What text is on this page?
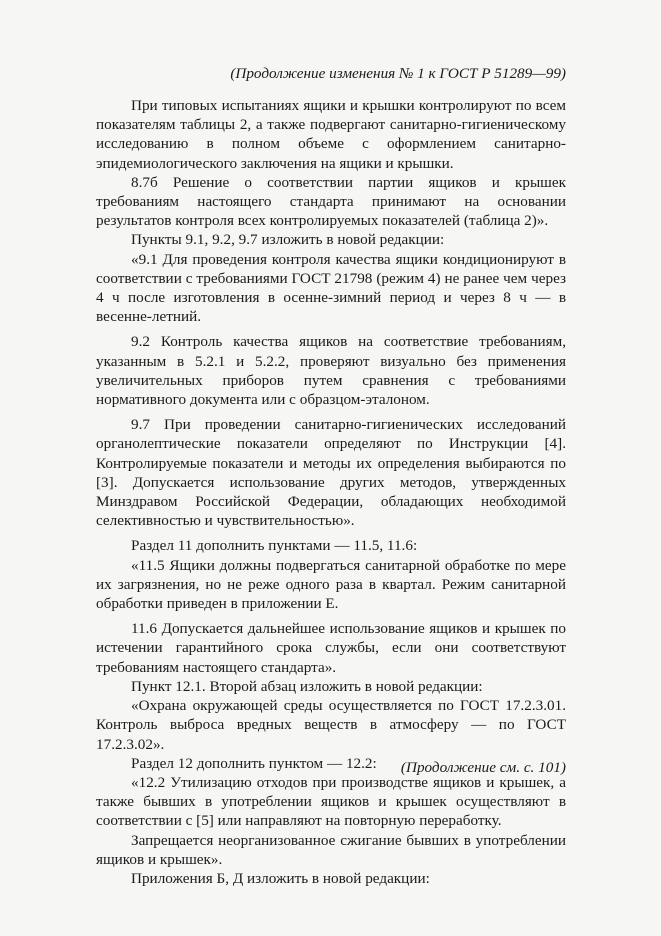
(Продолжение изменения № 1 к ГОСТ Р 51289—99)

При типовых испытаниях ящики и крышки контролируют по всем показателям таблицы 2, а также подвергают санитарно-гигиеническому исследованию в полном объеме с оформлением санитарно-эпидемиологического заключения на ящики и крышки.

8.7б Решение о соответствии партии ящиков и крышек требованиям настоящего стандарта принимают на основании результатов контроля всех контролируемых показателей (таблица 2)».

Пункты 9.1, 9.2, 9.7 изложить в новой редакции:

«9.1 Для проведения контроля качества ящики кондиционируют в соответствии с требованиями ГОСТ 21798 (режим 4) не ранее чем через 4 ч после изготовления в осенне-зимний период и через 8 ч — в весенне-летний.

9.2 Контроль качества ящиков на соответствие требованиям, указанным в 5.2.1 и 5.2.2, проверяют визуально без применения увеличительных приборов путем сравнения с требованиями нормативного документа или с образцом-эталоном.

9.7 При проведении санитарно-гигиенических исследований органолептические показатели определяют по Инструкции [4]. Контролируемые показатели и методы их определения выбираются по [3]. Допускается использование других методов, утвержденных Минздравом Российской Федерации, обладающих необходимой селективностью и чувствительностью».

Раздел 11 дополнить пунктами — 11.5, 11.6:

«11.5 Ящики должны подвергаться санитарной обработке по мере их загрязнения, но не реже одного раза в квартал. Режим санитарной обработки приведен в приложении Е.

11.6 Допускается дальнейшее использование ящиков и крышек по истечении гарантийного срока службы, если они соответствуют требованиям настоящего стандарта».

Пункт 12.1. Второй абзац изложить в новой редакции:

«Охрана окружающей среды осуществляется по ГОСТ 17.2.3.01. Контроль выброса вредных веществ в атмосферу — по ГОСТ 17.2.3.02».

Раздел 12 дополнить пунктом — 12.2:

«12.2 Утилизацию отходов при производстве ящиков и крышек, а также бывших в употреблении ящиков и крышек осуществляют в соответствии с [5] или направляют на повторную переработку.

Запрещается неорганизованное сжигание бывших в употреблении ящиков и крышек».

Приложения Б, Д изложить в новой редакции:

(Продолжение см. с. 101)
